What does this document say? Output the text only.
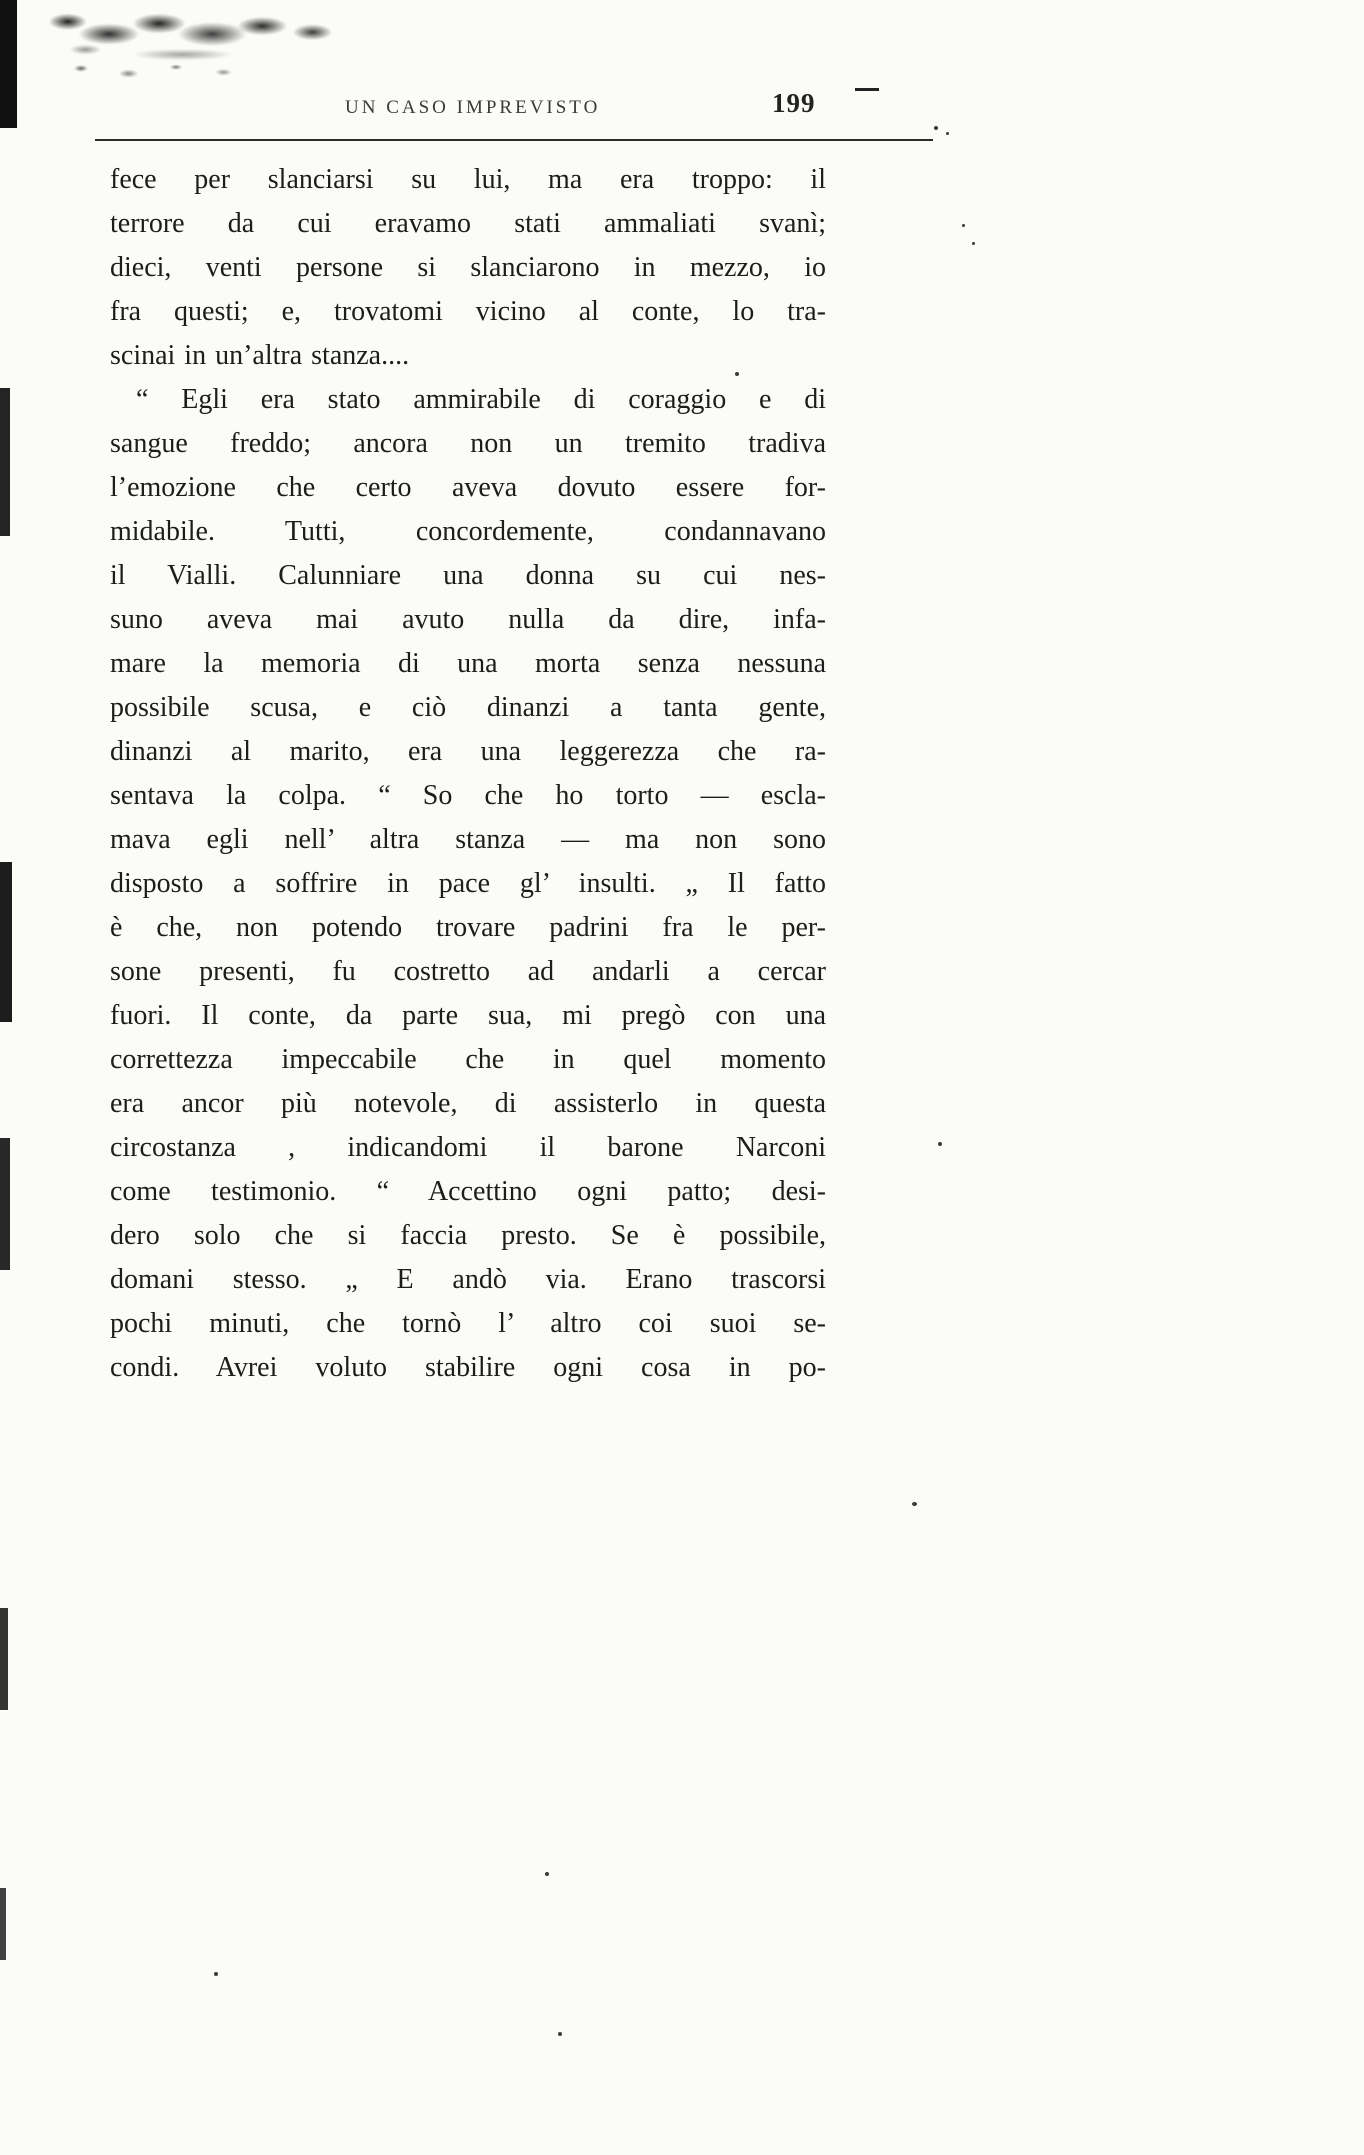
UN CASO IMPREVISTO	199

fece per slanciarsi su lui, ma era troppo: il

terrore da cui eravamo stati ammaliati svanì;

dieci, venti persone si slanciarono in mezzo, io

fra questi; e, trovatomi vicino al conte, lo tra-

scinai in un’altra stanza....

“ Egli era stato ammirabile di coraggio e di

sangue freddo; ancora non un tremito tradiva

l’emozione che certo aveva dovuto essere for-

midabile. Tutti, concordemente, condannavano

il Vialli. Calunniare una donna su cui nes-

suno aveva mai avuto nulla da dire, infa-

mare la memoria di una morta senza nessuna

possibile scusa, e ciò dinanzi a tanta gente,

dinanzi al marito, era una leggerezza che ra-

sentava la colpa. “ So che ho torto — escla-

mava egli nell’ altra stanza — ma non sono

disposto a soffrire in pace gl’ insulti. „ Il fatto

è che, non potendo trovare padrini fra le per-

sone presenti, fu costretto ad andarli a cercar

fuori. Il conte, da parte sua, mi pregò con una

correttezza impeccabile che in quel momento

era ancor più notevole, di assisterlo in questa

circostanza , indicandomi il barone Narconi

come testimonio. “ Accettino ogni patto; desi-

dero solo che si faccia presto. Se è possibile,

domani stesso. „ E andò via. Erano trascorsi

pochi minuti, che tornò l’ altro coi suoi se-

condi. Avrei voluto stabilire ogni cosa in po-
